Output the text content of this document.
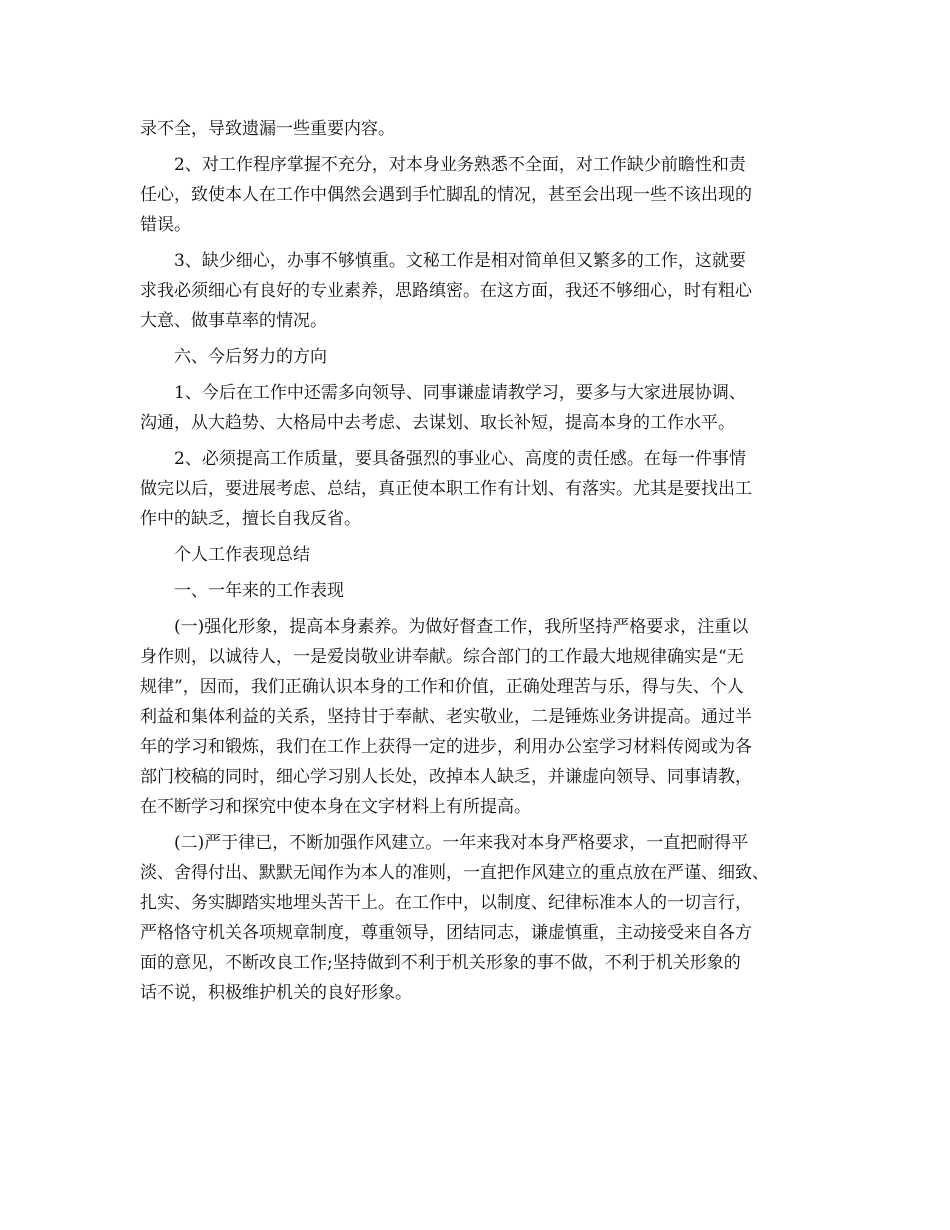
录不全，导致遗漏一些重要内容。
　　2、对工作程序掌握不充分，对本身业务熟悉不全面，对工作缺少前瞻性和责
任心，致使本人在工作中偶然会遇到手忙脚乱的情况，甚至会出现一些不该出现的
错误。
　　3、缺少细心，办事不够慎重。文秘工作是相对简单但又繁多的工作，这就要
求我必须细心有良好的专业素养，思路缜密。在这方面，我还不够细心，时有粗心
大意、做事草率的情况。
　　六、今后努力的方向
　　1、今后在工作中还需多向领导、同事谦虚请教学习，要多与大家进展协调、
沟通，从大趋势、大格局中去考虑、去谋划、取长补短，提高本身的工作水平。
　　2、必须提高工作质量，要具备强烈的事业心、高度的责任感。在每一件事情
做完以后，要进展考虑、总结，真正使本职工作有计划、有落实。尤其是要找出工
作中的缺乏，擅长自我反省。
　　个人工作表现总结
　　一、一年来的工作表现
　　(一)强化形象，提高本身素养。为做好督查工作，我所坚持严格要求，注重以
身作则，以诚待人，一是爱岗敬业讲奉献。综合部门的工作最大地规律确实是“无
规律”，因而，我们正确认识本身的工作和价值，正确处理苦与乐，得与失、个人
利益和集体利益的关系，坚持甘于奉献、老实敬业，二是锤炼业务讲提高。通过半
年的学习和锻炼，我们在工作上获得一定的进步，利用办公室学习材料传阅或为各
部门校稿的同时，细心学习别人长处，改掉本人缺乏，并谦虚向领导、同事请教，
在不断学习和探究中使本身在文字材料上有所提高。
　　(二)严于律已，不断加强作风建立。一年来我对本身严格要求，一直把耐得平
淡、舍得付出、默默无闻作为本人的准则，一直把作风建立的重点放在严谨、细致、
扎实、务实脚踏实地埋头苦干上。在工作中，以制度、纪律标准本人的一切言行，
严格恪守机关各项规章制度，尊重领导，团结同志，谦虚慎重，主动接受来自各方
面的意见，不断改良工作;坚持做到不利于机关形象的事不做，不利于机关形象的
话不说，积极维护机关的良好形象。
